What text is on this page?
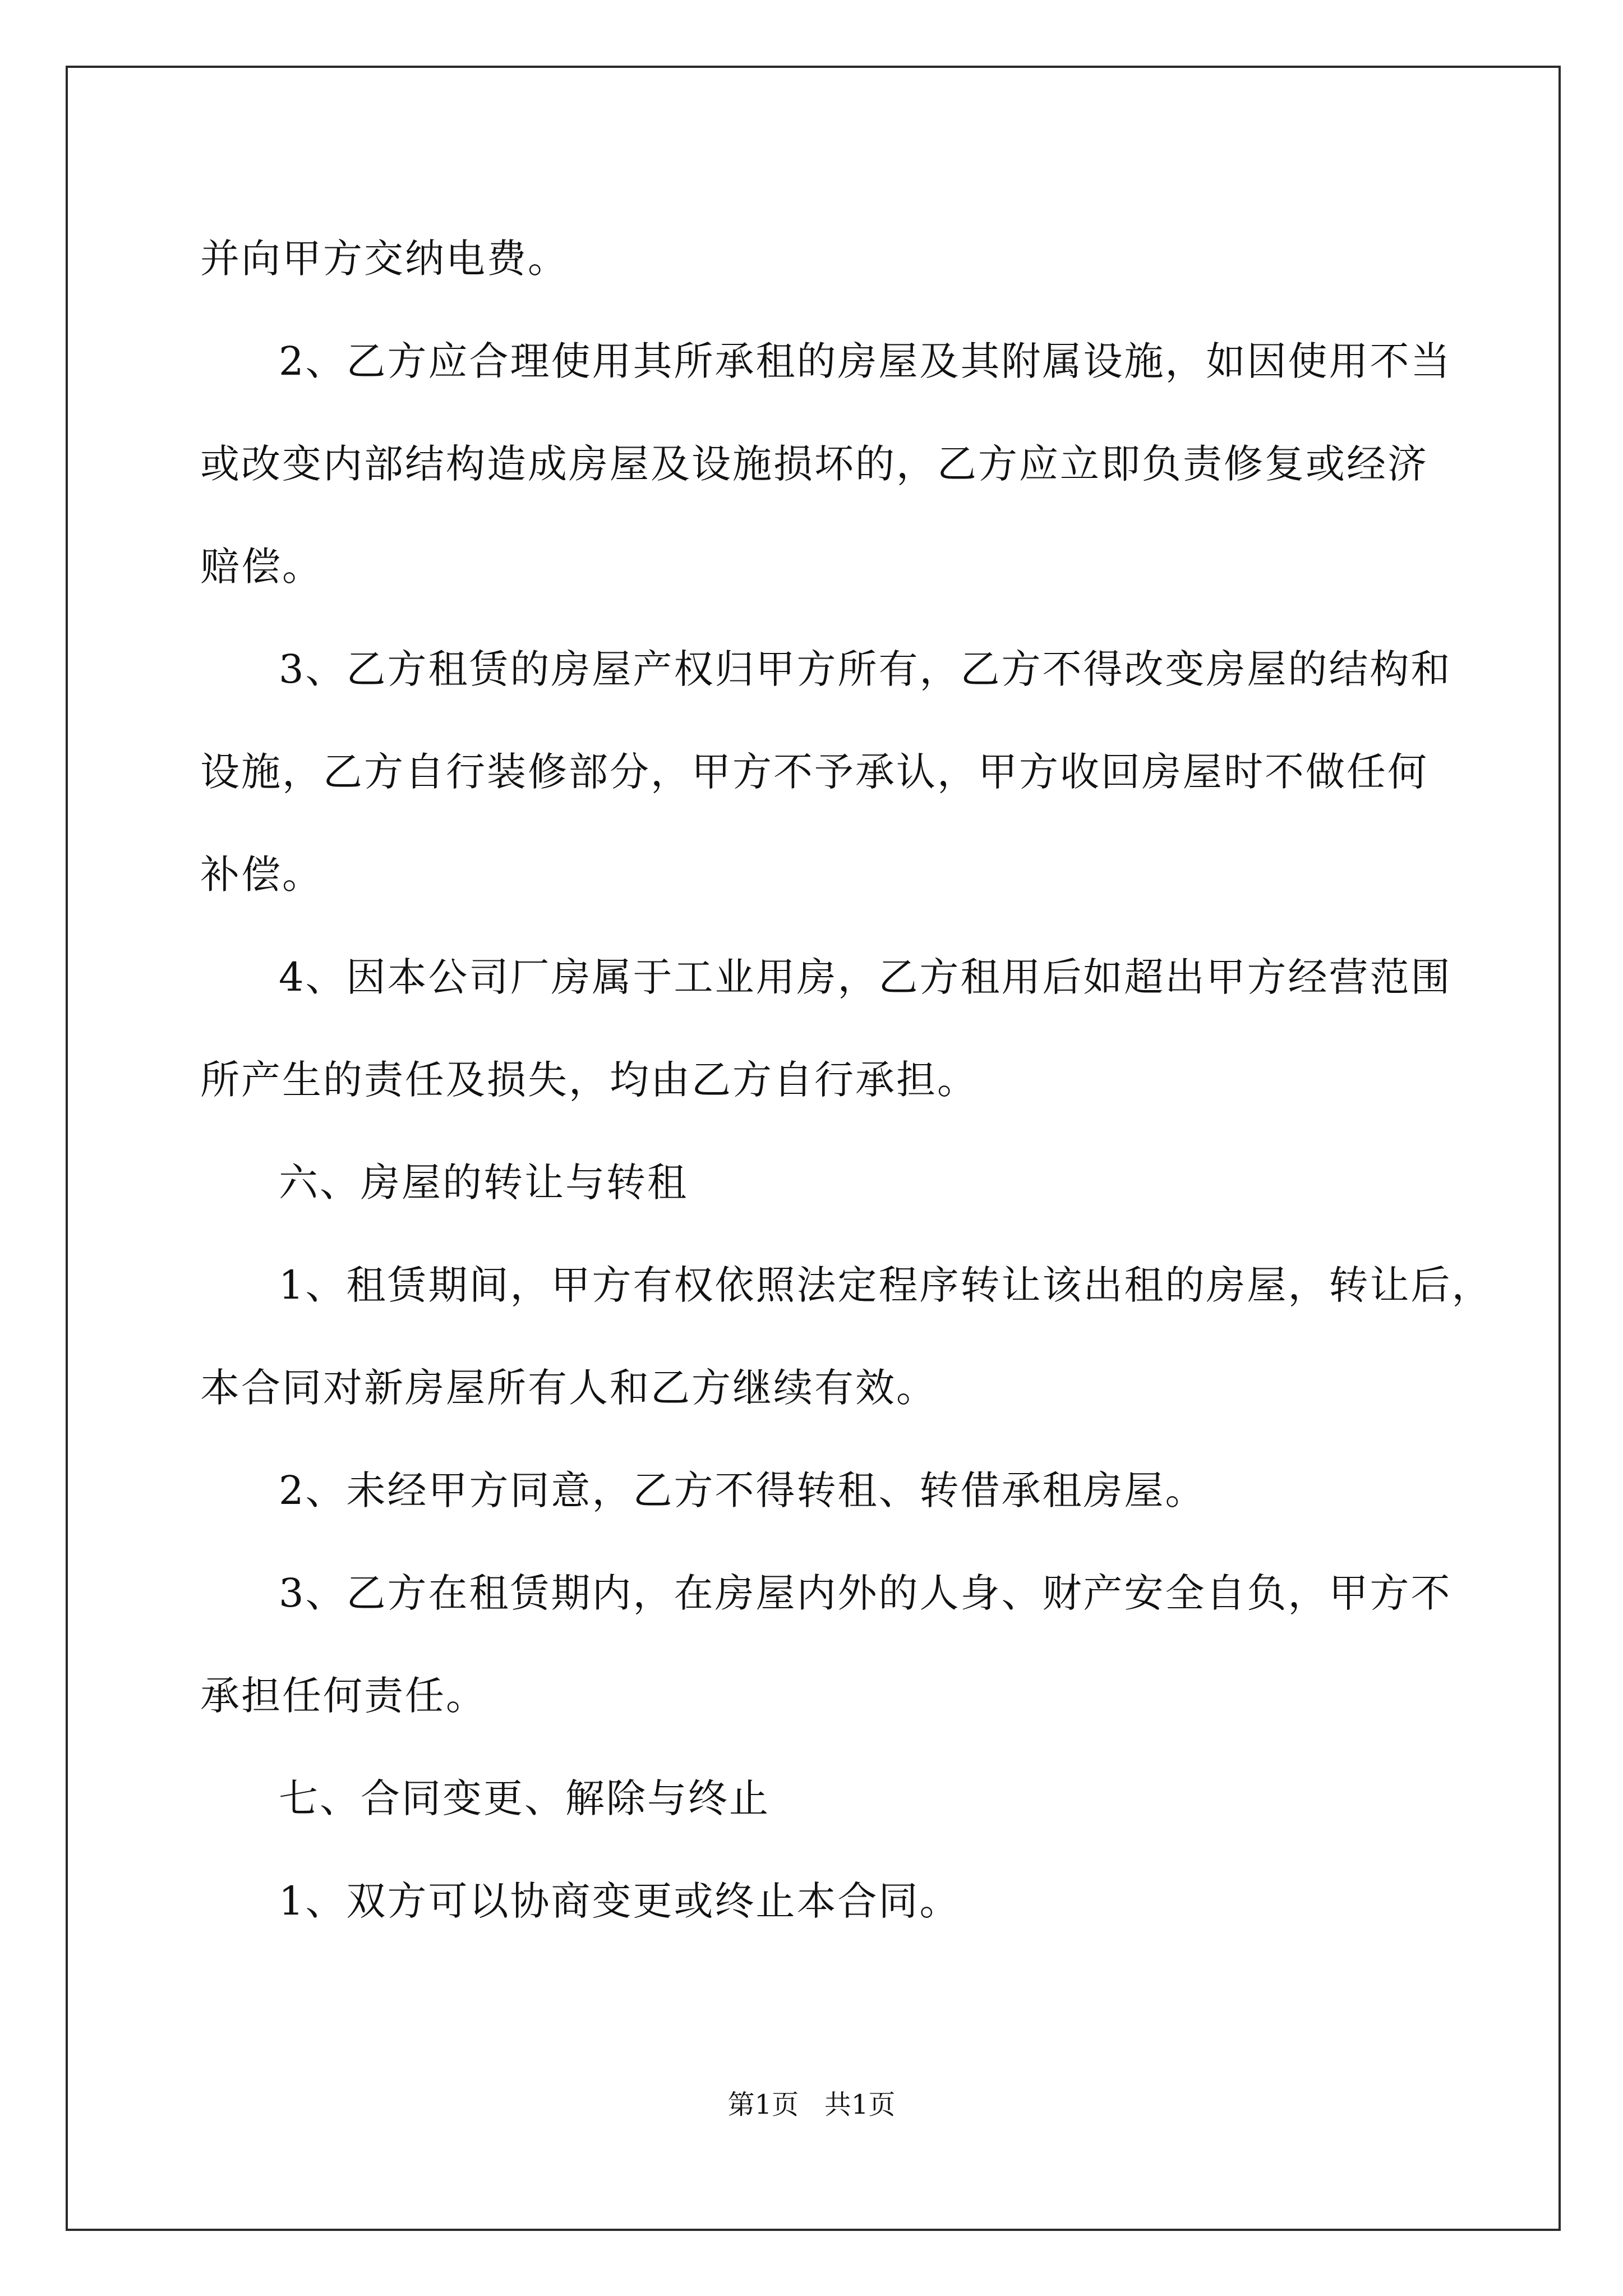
并向甲方交纳电费。
2、乙方应合理使用其所承租的房屋及其附属设施，如因使用不当
或改变内部结构造成房屋及设施损坏的，乙方应立即负责修复或经济
赔偿。
3、乙方租赁的房屋产权归甲方所有，乙方不得改变房屋的结构和
设施，乙方自行装修部分，甲方不予承认，甲方收回房屋时不做任何
补偿。
4、因本公司厂房属于工业用房，乙方租用后如超出甲方经营范围
所产生的责任及损失，均由乙方自行承担。
六、房屋的转让与转租
1、租赁期间，甲方有权依照法定程序转让该出租的房屋，转让后，
本合同对新房屋所有人和乙方继续有效。
2、未经甲方同意，乙方不得转租、转借承租房屋。
3、乙方在租赁期内，在房屋内外的人身、财产安全自负，甲方不
承担任何责任。
七、合同变更、解除与终止
1、双方可以协商变更或终止本合同。
第1页   共1页
